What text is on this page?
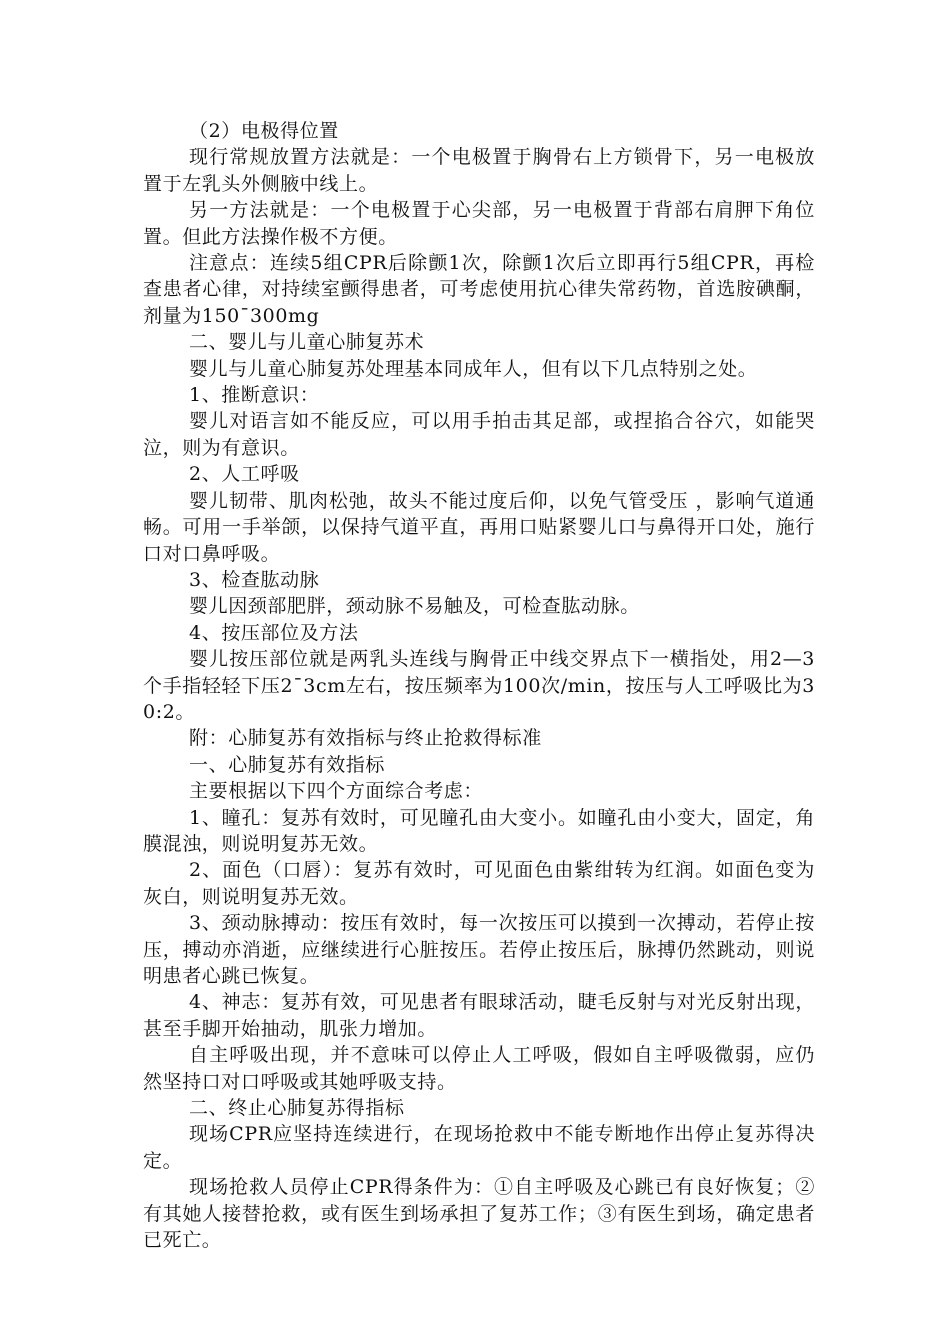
（2）电极得位置

现行常规放置方法就是：一个电极置于胸骨右上方锁骨下，另一电极放置于左乳头外侧腋中线上。

另一方法就是：一个电极置于心尖部，另一电极置于背部右肩胛下角位置。但此方法操作极不方便。

注意点：连续5组CPR后除颤1次，除颤1次后立即再行5组CPR，再检查患者心律，对持续室颤得患者，可考虑使用抗心律失常药物，首选胺碘酮，剂量为150¯300mg

二、婴儿与儿童心肺复苏术

婴儿与儿童心肺复苏处理基本同成年人，但有以下几点特别之处。

1、推断意识：

婴儿对语言如不能反应，可以用手拍击其足部，或捏掐合谷穴，如能哭泣，则为有意识。

2、人工呼吸

婴儿韧带、肌肉松弛，故头不能过度后仰，以免气管受压 ，影响气道通畅。可用一手举颌，以保持气道平直，再用口贴紧婴儿口与鼻得开口处，施行口对口鼻呼吸。

3、检查肱动脉

婴儿因颈部肥胖，颈动脉不易触及，可检查肱动脉。

4、按压部位及方法

婴儿按压部位就是两乳头连线与胸骨正中线交界点下一横指处，用2—3个手指轻轻下压2¯3cm左右，按压频率为100次/min，按压与人工呼吸比为30:2。

附：心肺复苏有效指标与终止抢救得标准

一、心肺复苏有效指标

主要根据以下四个方面综合考虑：

1、瞳孔：复苏有效时，可见瞳孔由大变小。如瞳孔由小变大，固定，角膜混浊，则说明复苏无效。

2、面色（口唇）：复苏有效时，可见面色由紫绀转为红润。如面色变为灰白，则说明复苏无效。

3、颈动脉搏动：按压有效时，每一次按压可以摸到一次搏动，若停止按压，搏动亦消逝，应继续进行心脏按压。若停止按压后，脉搏仍然跳动，则说明患者心跳已恢复。

4、神志：复苏有效，可见患者有眼球活动，睫毛反射与对光反射出现，甚至手脚开始抽动，肌张力增加。

自主呼吸出现，并不意味可以停止人工呼吸，假如自主呼吸微弱，应仍然坚持口对口呼吸或其她呼吸支持。

二、终止心肺复苏得指标

现场CPR应坚持连续进行，在现场抢救中不能专断地作出停止复苏得决定。

现场抢救人员停止CPR得条件为：①自主呼吸及心跳已有良好恢复；②有其她人接替抢救，或有医生到场承担了复苏工作；③有医生到场，确定患者已死亡。
